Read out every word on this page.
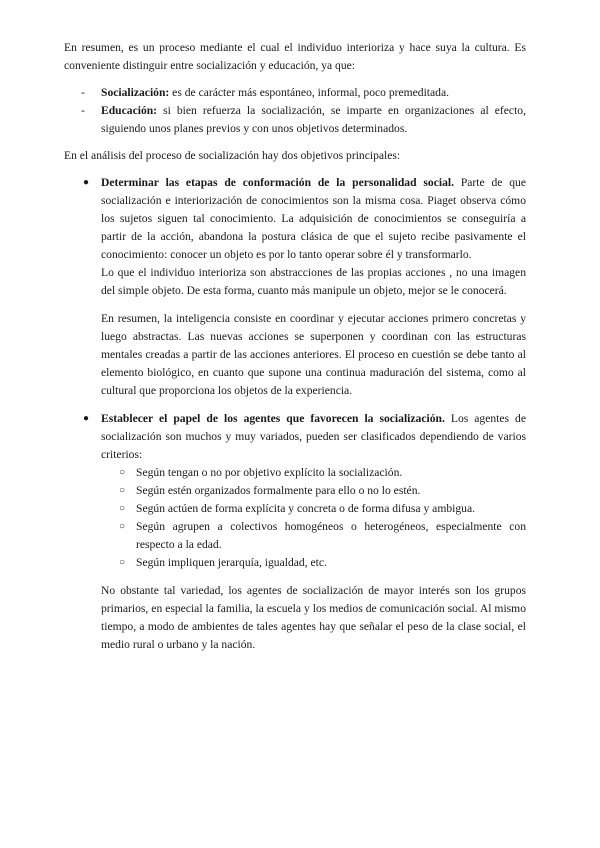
En resumen, es un proceso mediante el cual el individuo interioriza y hace suya la cultura. Es conveniente distinguir entre socialización y educación, ya que:

- Socialización: es de carácter más espontáneo, informal, poco premeditada.
- Educación: si bien refuerza la socialización, se imparte en organizaciones al efecto, siguiendo unos planes previos y con unos objetivos determinados.

En el análisis del proceso de socialización hay dos objetivos principales:

● Determinar las etapas de conformación de la personalidad social. Parte de que socialización e interiorización de conocimientos son la misma cosa. Piaget observa cómo los sujetos siguen tal conocimiento. La adquisición de conocimientos se conseguiría a partir de la acción, abandona la postura clásica de que el sujeto recibe pasivamente el conocimiento: conocer un objeto es por lo tanto operar sobre él y transformarlo.

Lo que el individuo interioriza son abstracciones de las propias acciones , no una imagen del simple objeto. De esta forma, cuanto más manipule un objeto, mejor se le conocerá.

En resumen, la inteligencia consiste en coordinar y ejecutar acciones primero concretas y luego abstractas. Las nuevas acciones se superponen y coordinan con las estructuras mentales creadas a partir de las acciones anteriores. El proceso en cuestión se debe tanto al elemento biológico, en cuanto que supone una continua maduración del sistema, como al cultural que proporciona los objetos de la experiencia.

● Establecer el papel de los agentes que favorecen la socialización. Los agentes de socialización son muchos y muy variados, pueden ser clasificados dependiendo de varios criterios:
○ Según tengan o no por objetivo explícito la socialización.
○ Según estén organizados formalmente para ello o no lo estén.
○ Según actúen de forma explícita y concreta o de forma difusa y ambigua.
○ Según agrupen a colectivos homogéneos o heterogéneos, especialmente con respecto a la edad.
○ Según impliquen jerarquía, igualdad, etc.

No obstante tal variedad, los agentes de socialización de mayor interés son los grupos primarios, en especial la familia, la escuela y los medios de comunicación social. Al mismo tiempo, a modo de ambientes de tales agentes hay que señalar el peso de la clase social, el medio rural o urbano y la nación.
